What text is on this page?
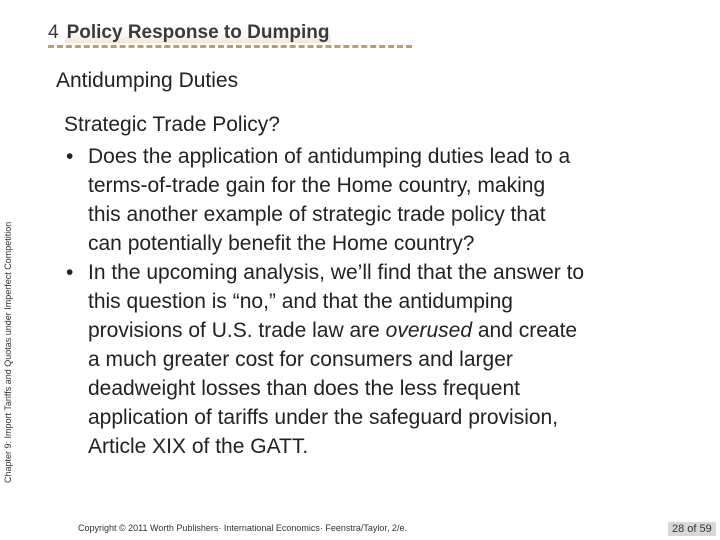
Chapter 9: Import Tariffs and Quotas under Imperfect Competition
4 Policy Response to Dumping
Antidumping Duties
Strategic Trade Policy?
• Does the application of antidumping duties lead to a
terms-of-trade gain for the Home country, making
this another example of strategic trade policy that
can potentially benefit the Home country?
• In the upcoming analysis, we’ll find that the answer to
this question is “no,” and that the antidumping
provisions of U.S. trade law are overused and create
a much greater cost for consumers and larger
deadweight losses than does the less frequent
application of tariffs under the safeguard provision,
Article XIX of the GATT.
Copyright © 2011 Worth Publishers· International Economics· Feenstra/Taylor, 2/e.	28 of 59
